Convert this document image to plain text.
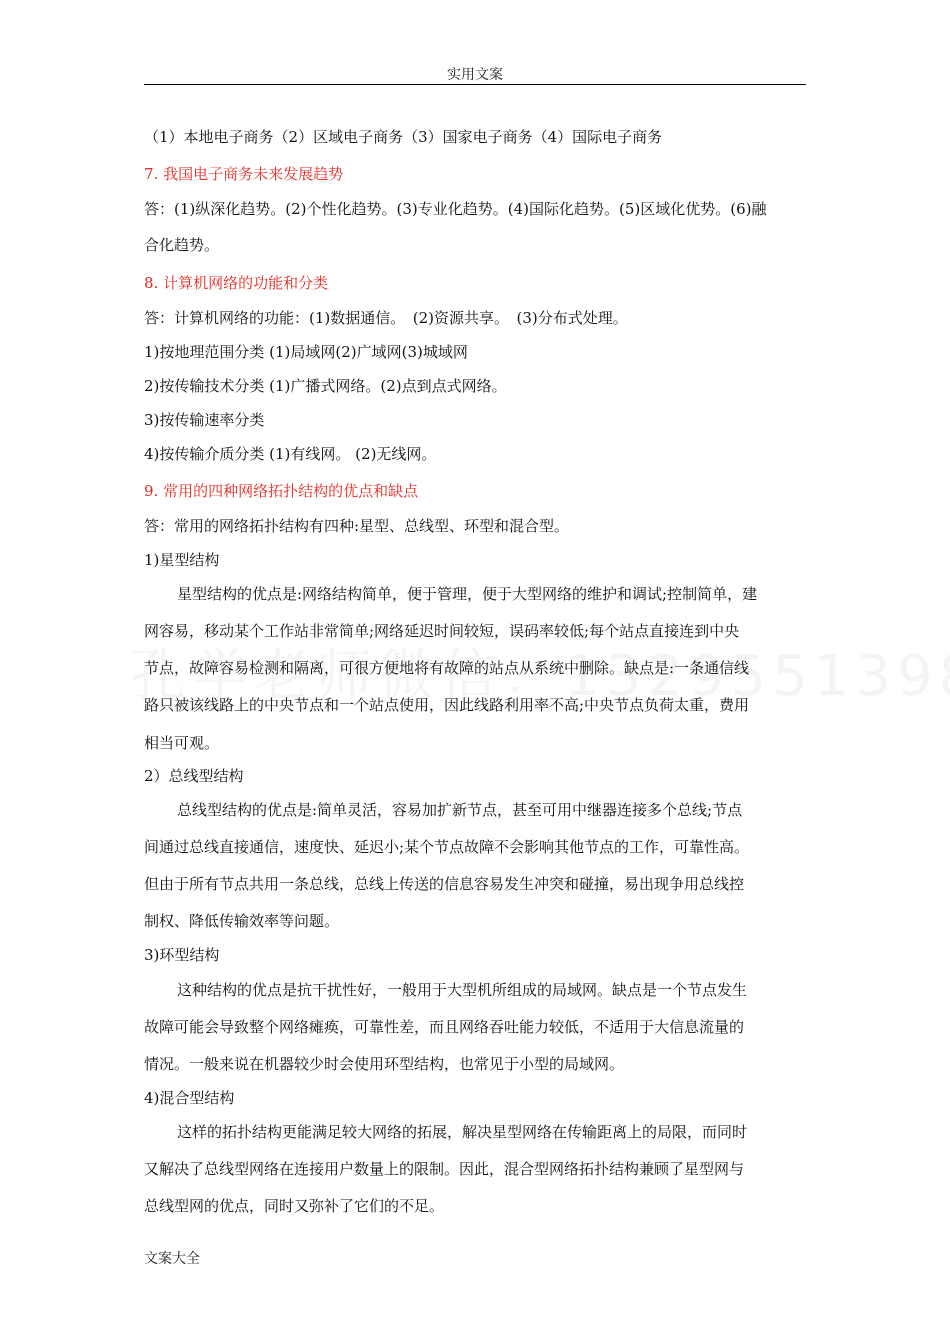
实用文案
（1）本地电子商务（2）区域电子商务（3）国家电子商务（4）国际电子商务
7. 我国电子商务未来发展趋势
答：(1)纵深化趋势。(2)个性化趋势。(3)专业化趋势。(4)国际化趋势。(5)区域化优势。(6)融
合化趋势。
8. 计算机网络的功能和分类
答：计算机网络的功能：(1)数据通信。　(2)资源共享。　(3)分布式处理。
1)按地理范围分类 (1)局域网(2)广域网(3)城域网
2)按传输技术分类 (1)广播式网络。(2)点到点式网络。
3)按传输速率分类
4)按传输介质分类 (1)有线网。 (2)无线网。
9. 常用的四种网络拓扑结构的优点和缺点
答：常用的网络拓扑结构有四种:星型、总线型、环型和混合型。
1)星型结构
星型结构的优点是:网络结构简单，便于管理，便于大型网络的维护和调试;控制简单，建
网容易，移动某个工作站非常简单;网络延迟时间较短，误码率较低;每个站点直接连到中央
节点，故障容易检测和隔离，可很方便地将有故障的站点从系统中删除。缺点是:一条通信线
路只被该线路上的中央节点和一个站点使用，因此线路利用率不高;中央节点负荷太重，费用
相当可观。
2）总线型结构
总线型结构的优点是:简单灵活，容易加扩新节点，甚至可用中继器连接多个总线;节点
间通过总线直接通信，速度快、延迟小;某个节点故障不会影响其他节点的工作，可靠性高。
但由于所有节点共用一条总线，总线上传送的信息容易发生冲突和碰撞，易出现争用总线控
制权、降低传输效率等问题。
3)环型结构
这种结构的优点是抗干扰性好，一般用于大型机所组成的局域网。缺点是一个节点发生
故障可能会导致整个网络瘫痪，可靠性差，而且网络吞吐能力较低，不适用于大信息流量的
情况。一般来说在机器较少时会使用环型结构，也常见于小型的局域网。
4)混合型结构
这样的拓扑结构更能满足较大网络的拓展，解决星型网络在传输距离上的局限，而同时
又解决了总线型网络在连接用户数量上的限制。因此，混合型网络拓扑结构兼顾了星型网与
总线型网的优点，同时又弥补了它们的不足。
文案大全
